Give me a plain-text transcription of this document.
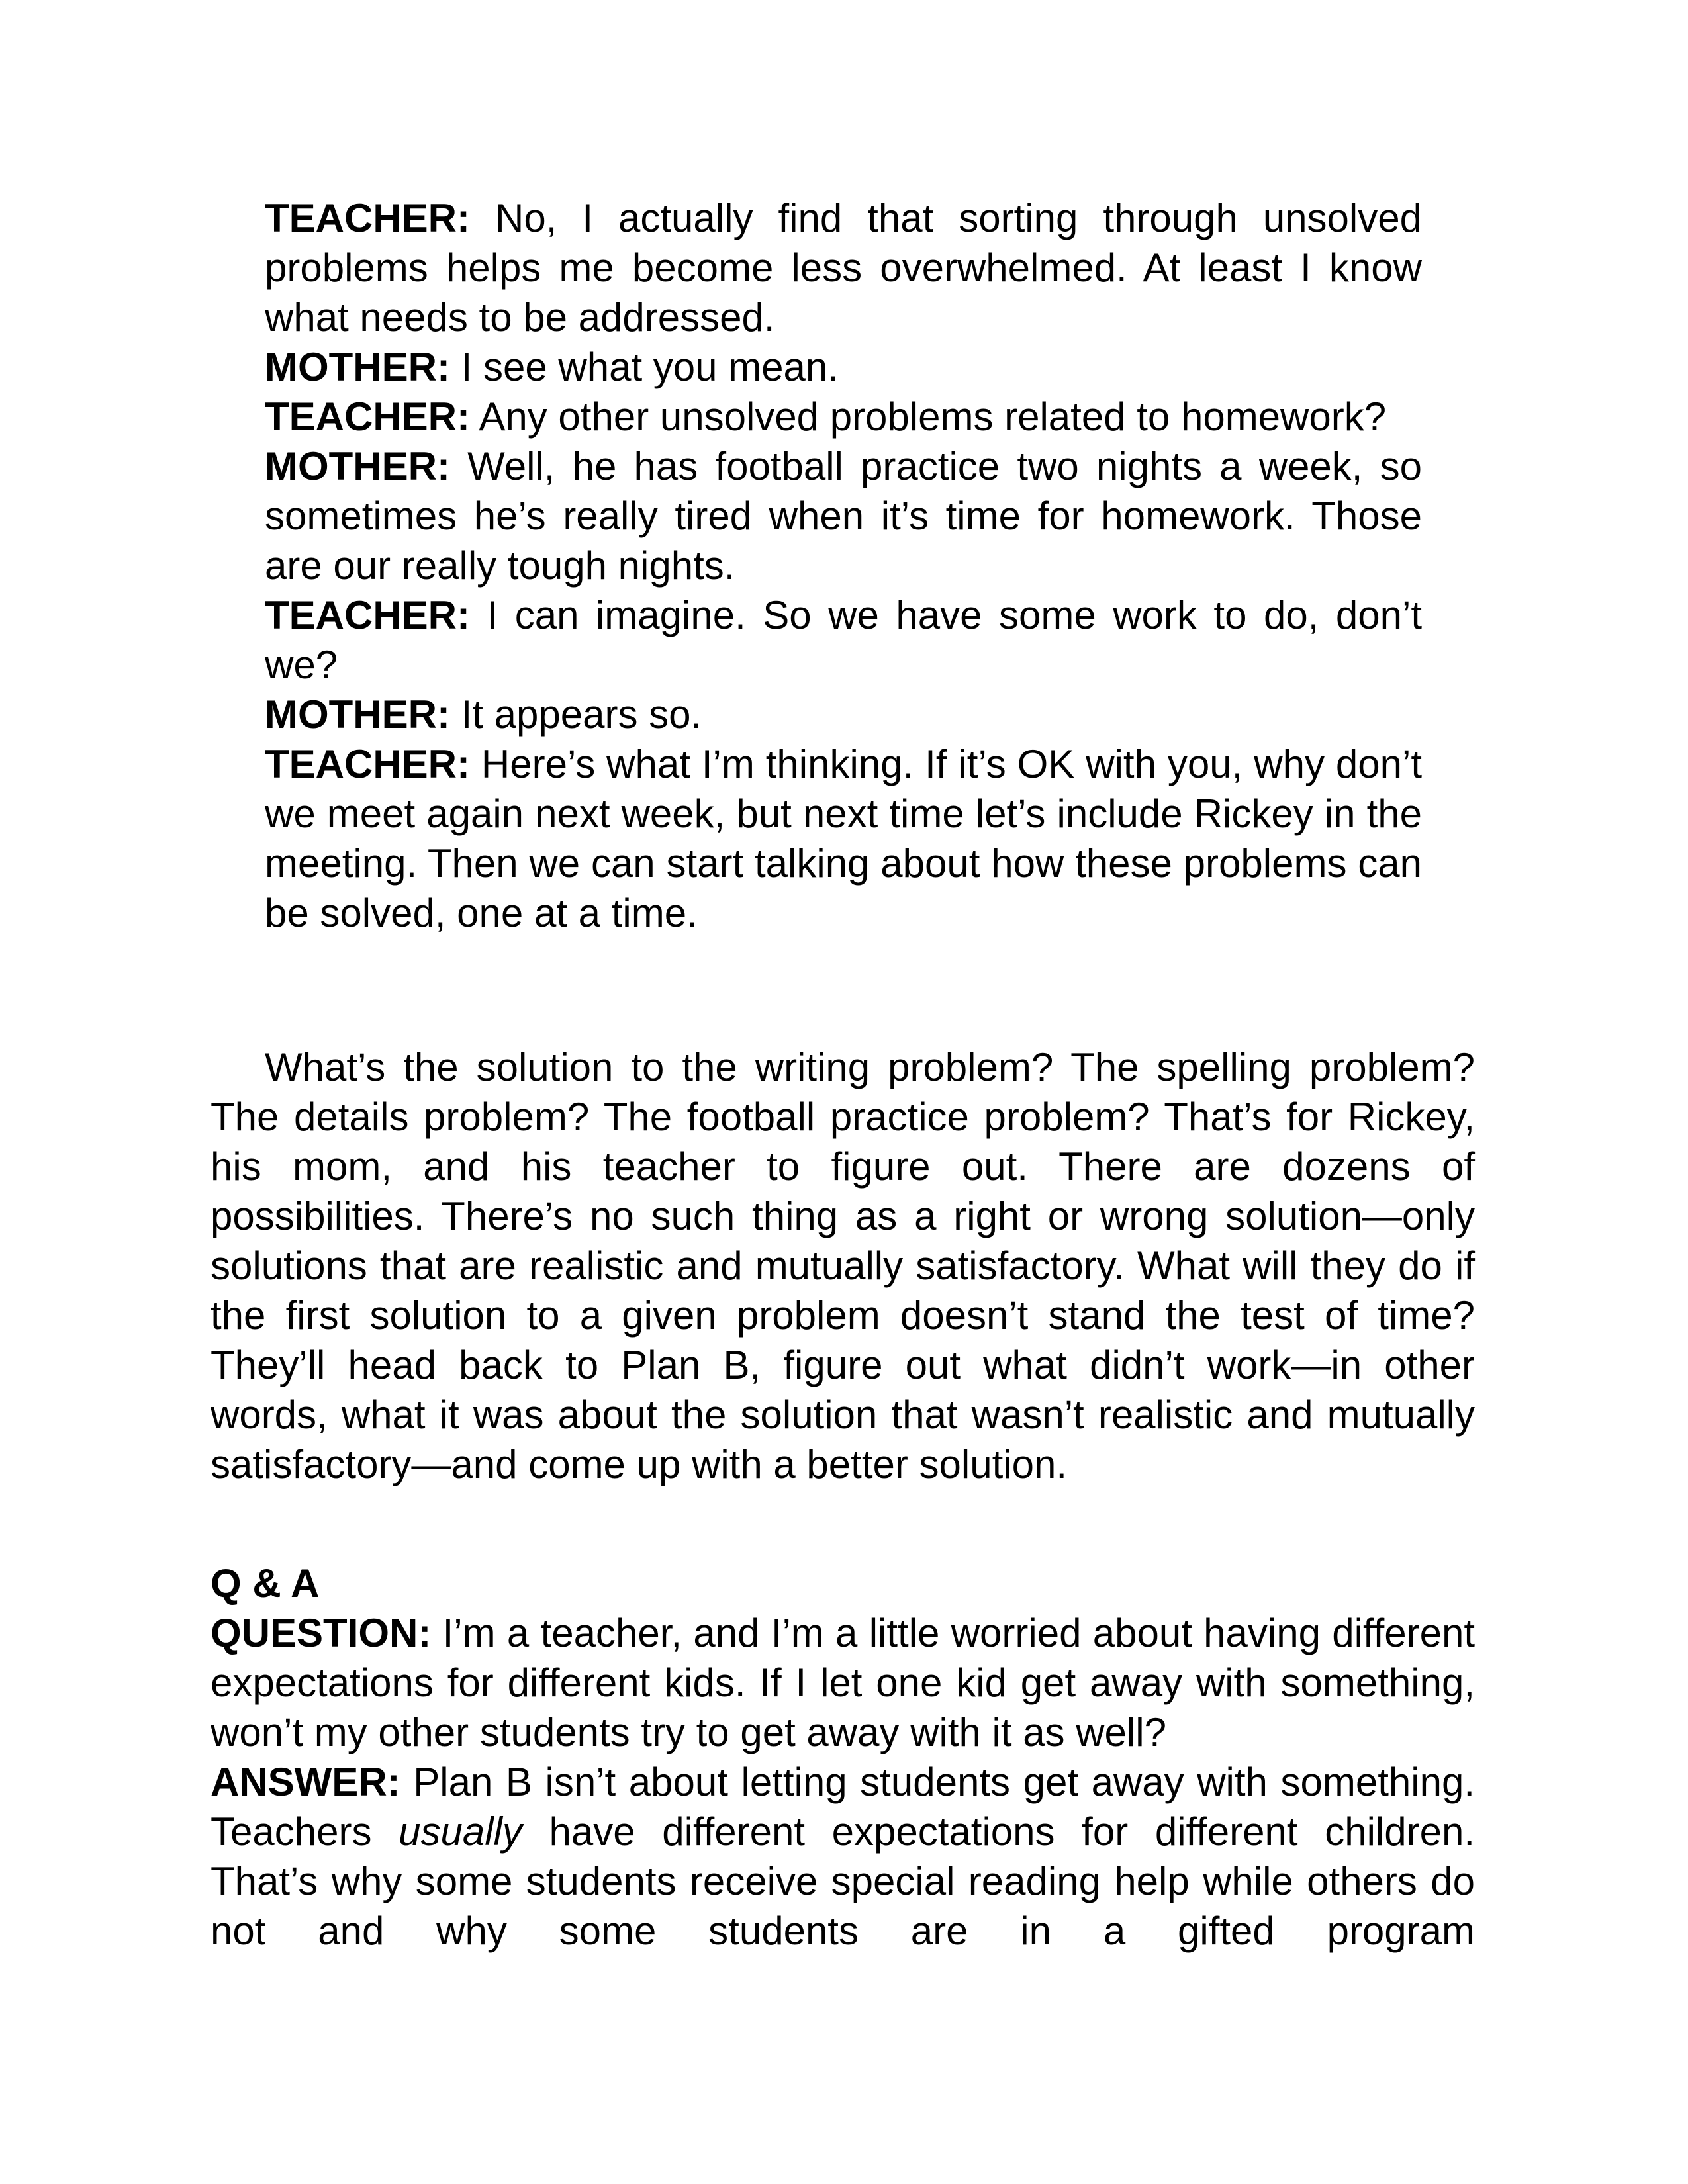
TEACHER: No, I actually find that sorting through unsolved problems helps me become less overwhelmed. At least I know what needs to be addressed.

MOTHER: I see what you mean.

TEACHER: Any other unsolved problems related to homework?

MOTHER: Well, he has football practice two nights a week, so sometimes he’s really tired when it’s time for homework. Those are our really tough nights.

TEACHER: I can imagine. So we have some work to do, don’t we?

MOTHER: It appears so.

TEACHER: Here’s what I’m thinking. If it’s OK with you, why don’t we meet again next week, but next time let’s include Rickey in the meeting. Then we can start talking about how these problems can be solved, one at a time.

What’s the solution to the writing problem? The spelling problem? The details problem? The football practice problem? That’s for Rickey, his mom, and his teacher to figure out. There are dozens of possibilities. There’s no such thing as a right or wrong solution—only solutions that are realistic and mutually satisfactory. What will they do if the first solution to a given problem doesn’t stand the test of time? They’ll head back to Plan B, figure out what didn’t work—in other words, what it was about the solution that wasn’t realistic and mutually satisfactory—and come up with a better solution.

Q & A

QUESTION: I’m a teacher, and I’m a little worried about having different expectations for different kids. If I let one kid get away with something, won’t my other students try to get away with it as well?

ANSWER: Plan B isn’t about letting students get away with something. Teachers usually have different expectations for different children. That’s why some students receive special reading help while others do not and why some students are in a gifted program
